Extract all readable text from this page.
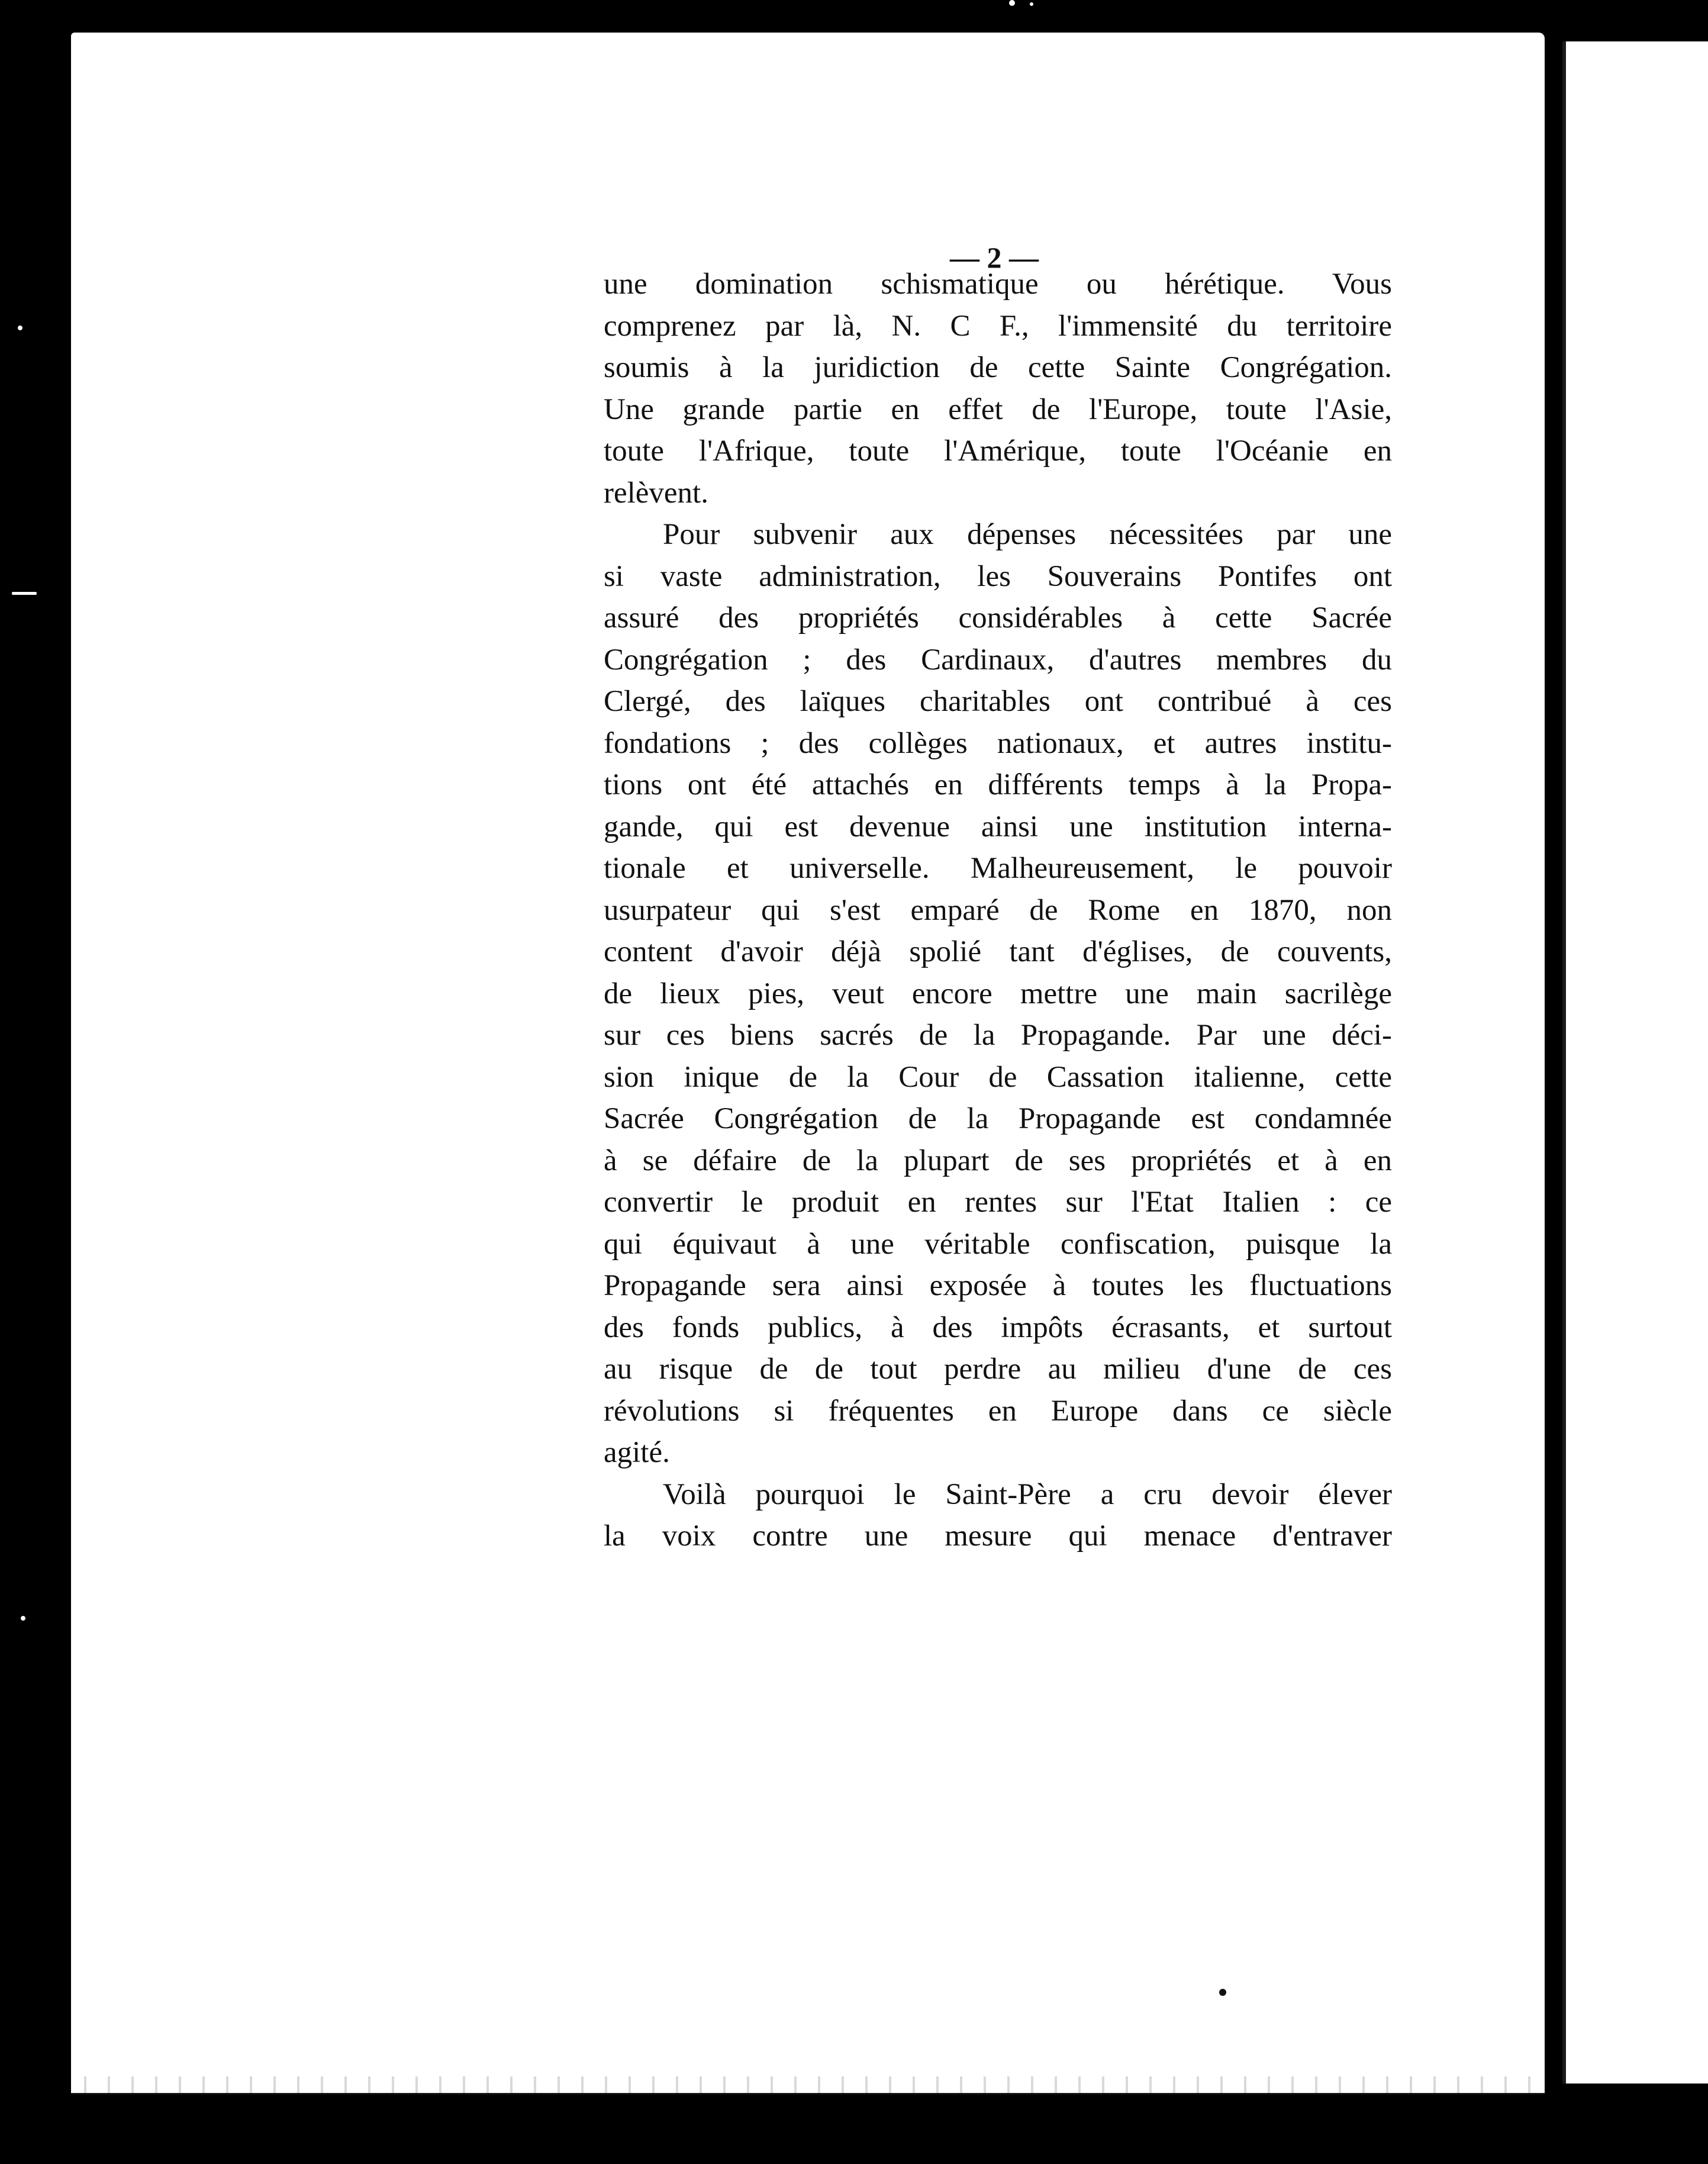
— 2 —
une domination schismatique ou hérétique. Vous
comprenez par là, N. C F., l'immensité du territoire
soumis à la juridiction de cette Sainte Congrégation.
Une grande partie en effet de l'Europe, toute l'Asie,
toute l'Afrique, toute l'Amérique, toute l'Océanie en
relèvent.
Pour subvenir aux dépenses nécessitées par une
si vaste administration, les Souverains Pontifes ont
assuré des propriétés considérables à cette Sacrée
Congrégation ; des Cardinaux, d'autres membres du
Clergé, des laïques charitables ont contribué à ces
fondations ; des collèges nationaux, et autres institu-
tions ont été attachés en différents temps à la Propa-
gande, qui est devenue ainsi une institution interna-
tionale et universelle. Malheureusement, le pouvoir
usurpateur qui s'est emparé de Rome en 1870, non
content d'avoir déjà spolié tant d'églises, de couvents,
de lieux pies, veut encore mettre une main sacrilège
sur ces biens sacrés de la Propagande. Par une déci-
sion inique de la Cour de Cassation italienne, cette
Sacrée Congrégation de la Propagande est condamnée
à se défaire de la plupart de ses propriétés et à en
convertir le produit en rentes sur l'Etat Italien : ce
qui équivaut à une véritable confiscation, puisque la
Propagande sera ainsi exposée à toutes les fluctuations
des fonds publics, à des impôts écrasants, et surtout
au risque de de tout perdre au milieu d'une de ces
révolutions si fréquentes en Europe dans ce siècle
agité.
Voilà pourquoi le Saint-Père a cru devoir élever
la voix contre une mesure qui menace d'entraver
